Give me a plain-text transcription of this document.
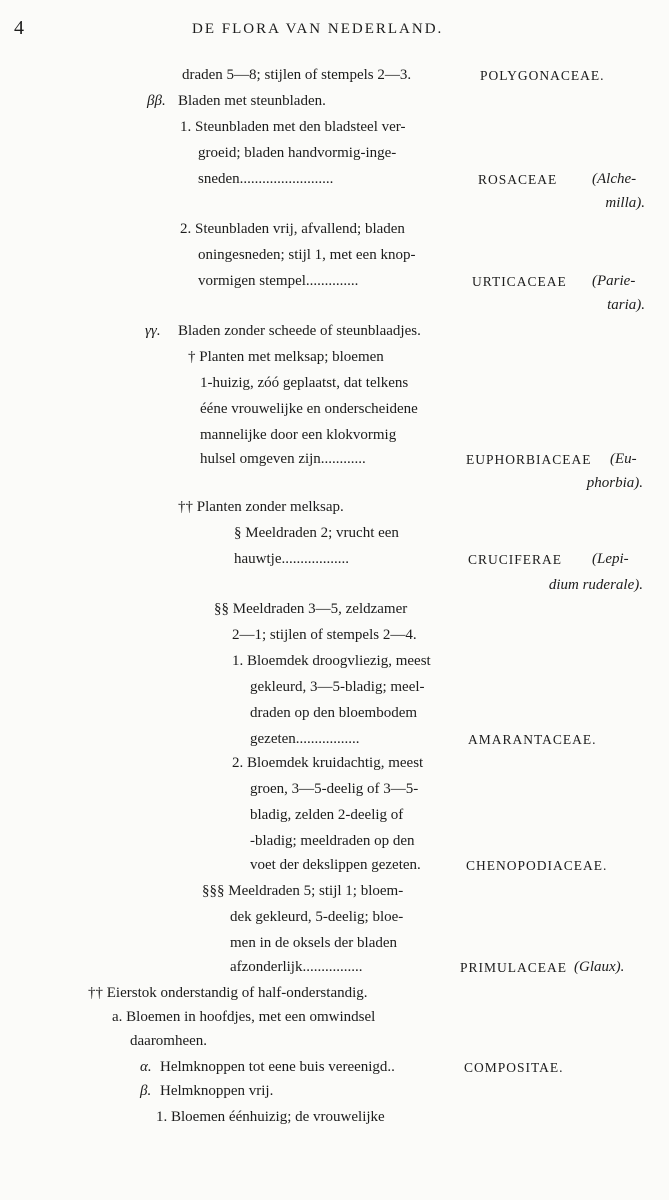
4	DE FLORA VAN NEDERLAND.
draden 5—8; stijlen of stempels 2—3.	POLYGONACEAE.
ββ. Bladen met steunbladen.
1. Steunbladen met den bladsteel ver-
groeid; bladen handvormig-inge-
sneden.........................	ROSACEAE (Alche-
milla).
2. Steunbladen vrij, afvallend; bladen
oningesneden; stijl 1, met een knop-
vormigen stempel..............	URTICACEAE (Parie-
taria).
γγ. Bladen zonder scheede of steunblaadjes.
† Planten met melksap; bloemen
1-huizig, zóó geplaatst, dat telkens
ééne vrouwelijke en onderscheidene
mannelijke door een klokvormig
hulsel omgeven zijn............	EUPHORBIACEAE (Eu-
phorbia).
†† Planten zonder melksap.
§ Meeldraden 2; vrucht een
hauwtje..................	CRUCIFERAE (Lepi-
dium ruderale).
§§ Meeldraden 3—5, zeldzamer
2—1; stijlen of stempels 2—4.
1. Bloemdek droogvliezig, meest
gekleurd, 3—5-bladig; meel-
draden op den bloembodem
gezeten.................	AMARANTACEAE.
2. Bloemdek kruidachtig, meest
groen, 3—5-deelig of 3—5-
bladig, zelden 2-deelig of
-bladig; meeldraden op den
voet der dekslippen gezeten.	CHENOPODIACEAE.
§§§ Meeldraden 5; stijl 1; bloem-
dek gekleurd, 5-deelig; bloe-
men in de oksels der bladen
afzonderlijk................	PRIMULACEAE (Glaux).
†† Eierstok onderstandig of half-onderstandig.
a. Bloemen in hoofdjes, met een omwindsel
daaromheen.
α. Helmknoppen tot eene buis vereenigd..	COMPOSITAE.
β. Helmknoppen vrij.
1. Bloemen éénhuizig; de vrouwelijke
